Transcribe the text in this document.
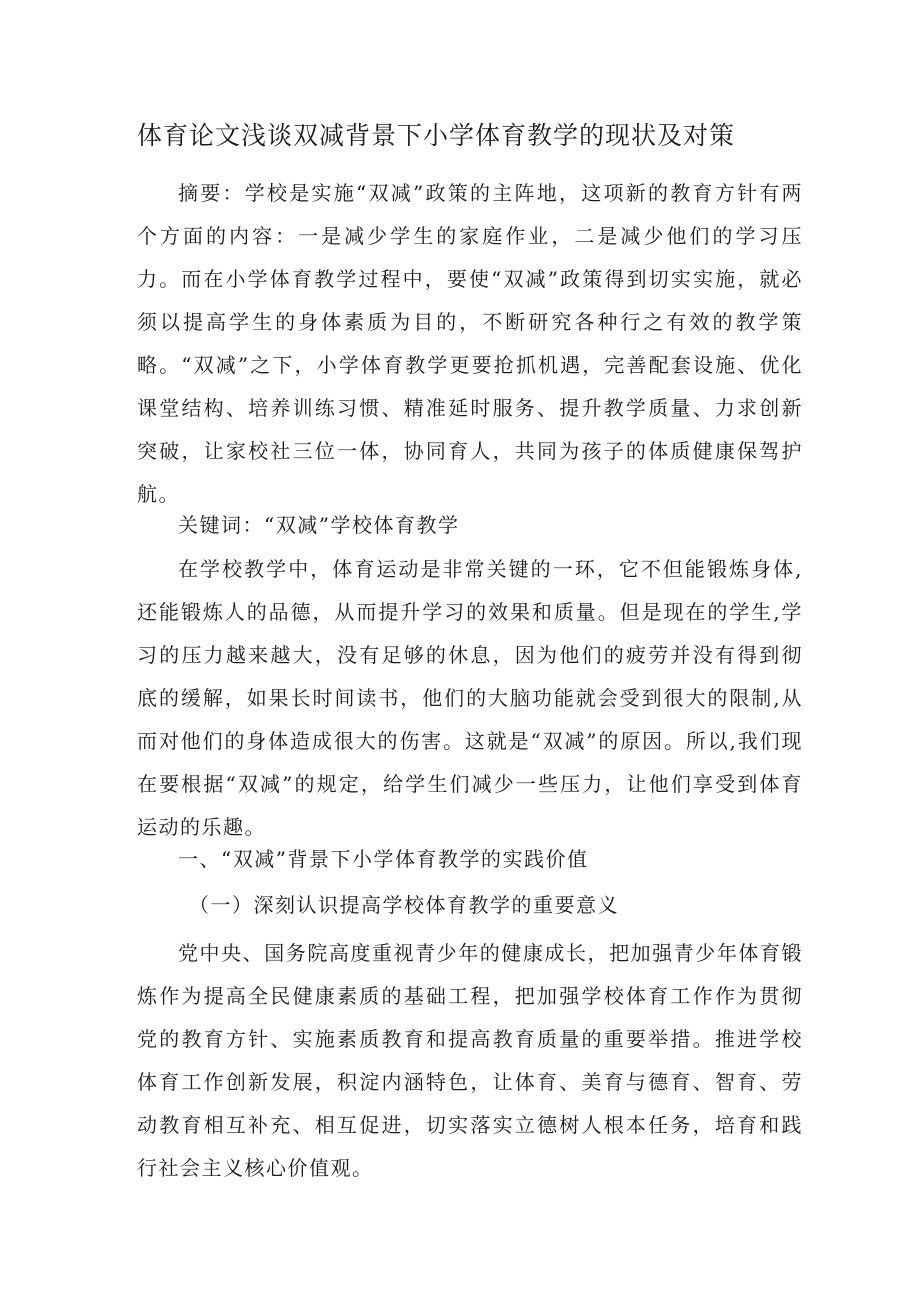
体育论文浅谈双减背景下小学体育教学的现状及对策

摘要：学校是实施“双减”政策的主阵地，这项新的教育方针有两个方面的内容：一是减少学生的家庭作业，二是减少他们的学习压力。而在小学体育教学过程中，要使“双减”政策得到切实实施，就必须以提高学生的身体素质为目的，不断研究各种行之有效的教学策略。“双减”之下，小学体育教学更要抢抓机遇，完善配套设施、优化课堂结构、培养训练习惯、精准延时服务、提升教学质量、力求创新突破，让家校社三位一体，协同育人，共同为孩子的体质健康保驾护航。

关键词：“双减”学校体育教学

在学校教学中，体育运动是非常关键的一环，它不但能锻炼身体,还能锻炼人的品德，从而提升学习的效果和质量。但是现在的学生,学习的压力越来越大，没有足够的休息，因为他们的疲劳并没有得到彻底的缓解，如果长时间读书，他们的大脑功能就会受到很大的限制,从而对他们的身体造成很大的伤害。这就是“双减”的原因。所以,我们现在要根据“双减”的规定，给学生们减少一些压力，让他们享受到体育运动的乐趣。

一、“双减”背景下小学体育教学的实践价值

（一）深刻认识提高学校体育教学的重要意义

党中央、国务院高度重视青少年的健康成长，把加强青少年体育锻炼作为提高全民健康素质的基础工程，把加强学校体育工作作为贯彻党的教育方针、实施素质教育和提高教育质量的重要举措。推进学校体育工作创新发展，积淀内涵特色，让体育、美育与德育、智育、劳动教育相互补充、相互促进，切实落实立德树人根本任务，培育和践行社会主义核心价值观。
